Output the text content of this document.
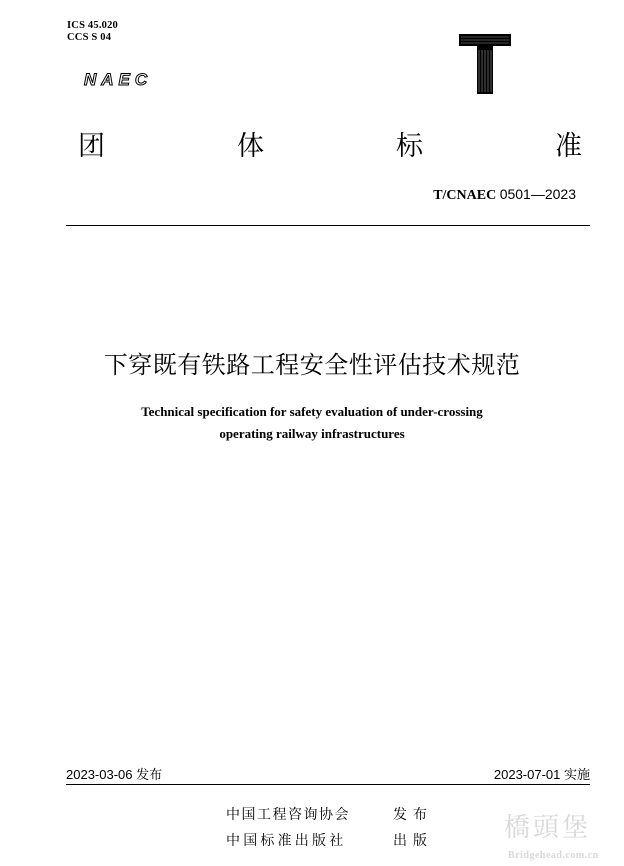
ICS 45.020
CCS S 04
NAEC
团	体	标	准
T/CNAEC 0501—2023
下穿既有铁路工程安全性评估技术规范
Technical specification for safety evaluation of under-crossing
operating railway infrastructures
2023-03-06 发布	2023-07-01 实施
中国工程咨询协会	发布
中国标准出版社	出版	橋頭堡
Bridgehead.com.cn
